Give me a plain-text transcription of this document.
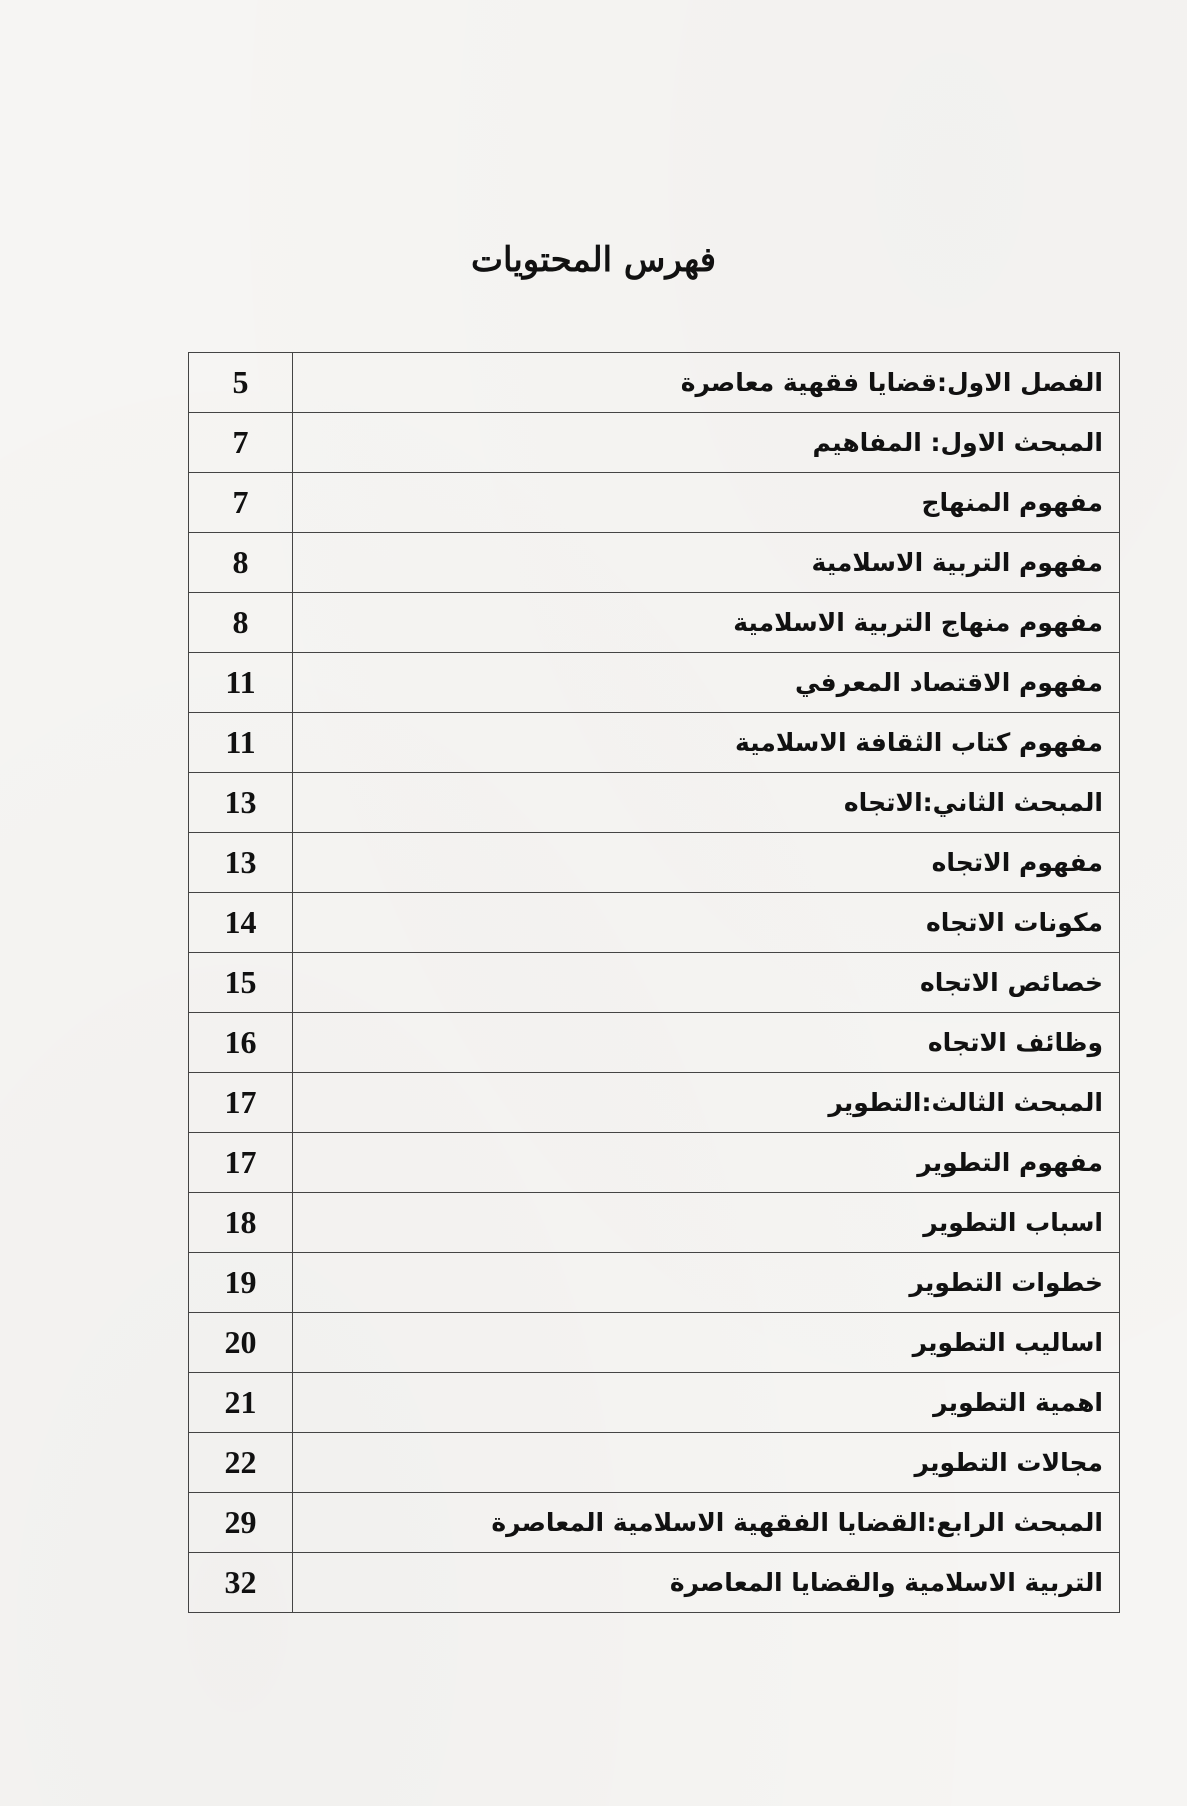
فهرس المحتويات
الفصل الاول:قضايا فقهية معاصرة	5
المبحث الاول: المفاهيم	7
مفهوم المنهاج	7
مفهوم التربية الاسلامية	8
مفهوم منهاج التربية الاسلامية	8
مفهوم الاقتصاد المعرفي	11
مفهوم كتاب الثقافة الاسلامية	11
المبحث الثاني:الاتجاه	13
مفهوم الاتجاه	13
مكونات الاتجاه	14
خصائص الاتجاه	15
وظائف الاتجاه	16
المبحث الثالث:التطوير	17
مفهوم التطوير	17
اسباب التطوير	18
خطوات التطوير	19
اساليب التطوير	20
اهمية التطوير	21
مجالات التطوير	22
المبحث الرابع:القضايا الفقهية الاسلامية المعاصرة	29
التربية الاسلامية والقضايا المعاصرة	32
